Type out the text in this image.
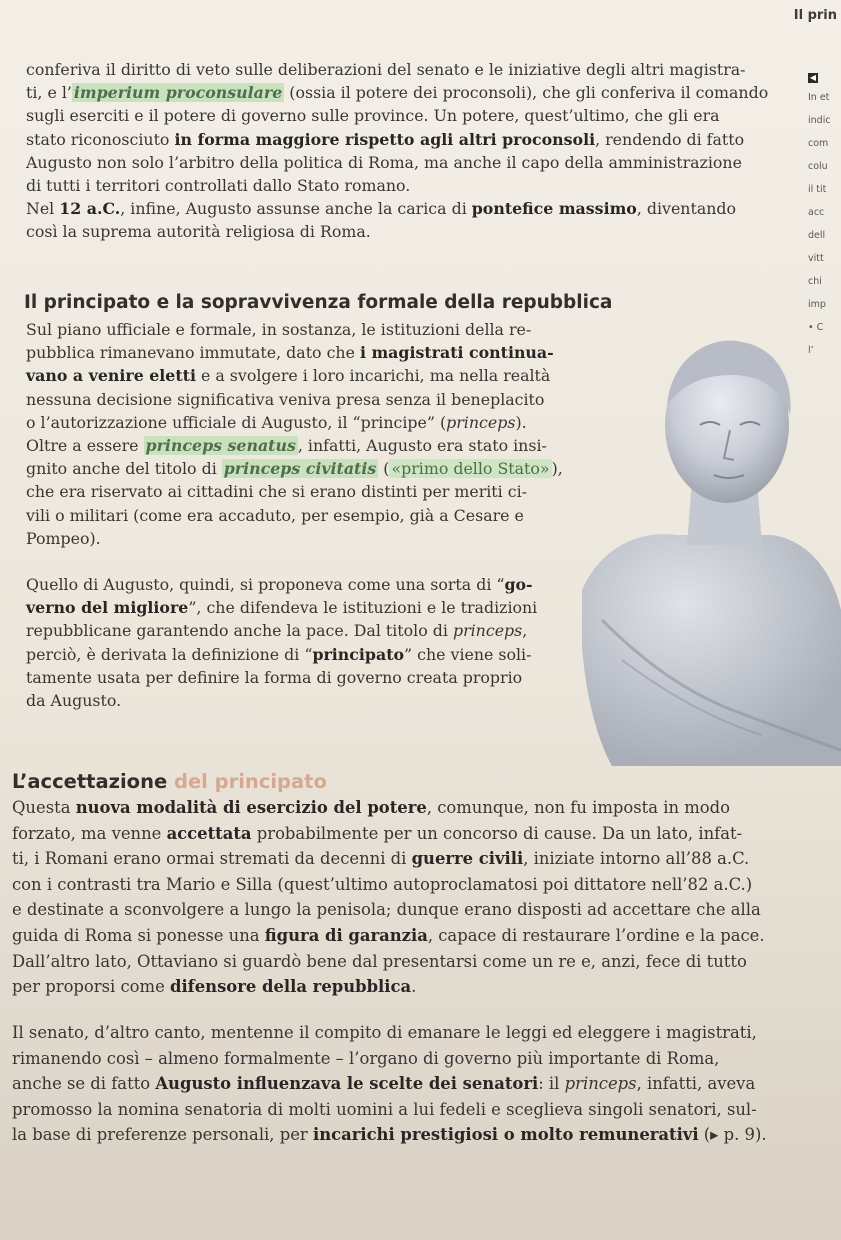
Il prin

conferiva il diritto di veto sulle deliberazioni del senato e le iniziative degli altri magistra-
ti, e l’ imperium proconsulare (ossia il potere dei proconsoli), che gli conferiva il comando
sugli eserciti e il potere di governo sulle province. Un potere, quest’ultimo, che gli era
stato riconosciuto in forma maggiore rispetto agli altri proconsoli, rendendo di fatto
Augusto non solo l’arbitro della politica di Roma, ma anche il capo della amministrazione
di tutti i territori controllati dallo Stato romano.
Nel 12 a.C., infine, Augusto assunse anche la carica di pontefice massimo, diventando
così la suprema autorità religiosa di Roma.

Il principato e la sopravvivenza formale della repubblica

Sul piano ufficiale e formale, in sostanza, le istituzioni della re-
pubblica rimanevano immutate, dato che i magistrati continua-
vano a venire eletti e a svolgere i loro incarichi, ma nella realtà
nessuna decisione significativa veniva presa senza il beneplacito
o l’autorizzazione ufficiale di Augusto, il “principe” (princeps).

Oltre a essere princeps senatus , infatti, Augusto era stato insi-
gnito anche del titolo di princeps civitatis ( «primo dello Stato» ),
che era riservato ai cittadini che si erano distinti per meriti ci-
vili o militari (come era accaduto, per esempio, già a Cesare e
Pompeo).

Quello di Augusto, quindi, si proponeva come una sorta di “go-
verno del migliore”, che difendeva le istituzioni e le tradizioni
repubblicane garantendo anche la pace. Dal titolo di princeps,
perciò, è derivata la definizione di “principato” che viene soli-
tamente usata per definire la forma di governo creata proprio
da Augusto.

L’accettazione del principato

Questa nuova modalità di esercizio del potere, comunque, non fu imposta in modo
forzato, ma venne accettata probabilmente per un concorso di cause. Da un lato, infat-
ti, i Romani erano ormai stremati da decenni di guerre civili, iniziate intorno all’88 a.C.
con i contrasti tra Mario e Silla (quest’ultimo autoproclamatosi poi dittatore nell’82 a.C.)
e destinate a sconvolgere a lungo la penisola; dunque erano disposti ad accettare che alla
guida di Roma si ponesse una figura di garanzia, capace di restaurare l’ordine e la pace.
Dall’altro lato, Ottaviano si guardò bene dal presentarsi come un re e, anzi, fece di tutto
per proporsi come difensore della repubblica.

Il senato, d’altro canto, mentenne il compito di emanare le leggi ed eleggere i magistrati,
rimanendo così – almeno formalmente – l’organo di governo più importante di Roma,
anche se di fatto Augusto influenzava le scelte dei senatori: il princeps, infatti, aveva
promosso la nomina senatoria di molti uomini a lui fedeli e sceglieva singoli senatori, sul-
la base di preferenze personali, per incarichi prestigiosi o molto remunerativi (▸ p. 9).

◀
In et
indic
com
colu
il tit
acc
dell
vitt
chi
imp
• C
l’
